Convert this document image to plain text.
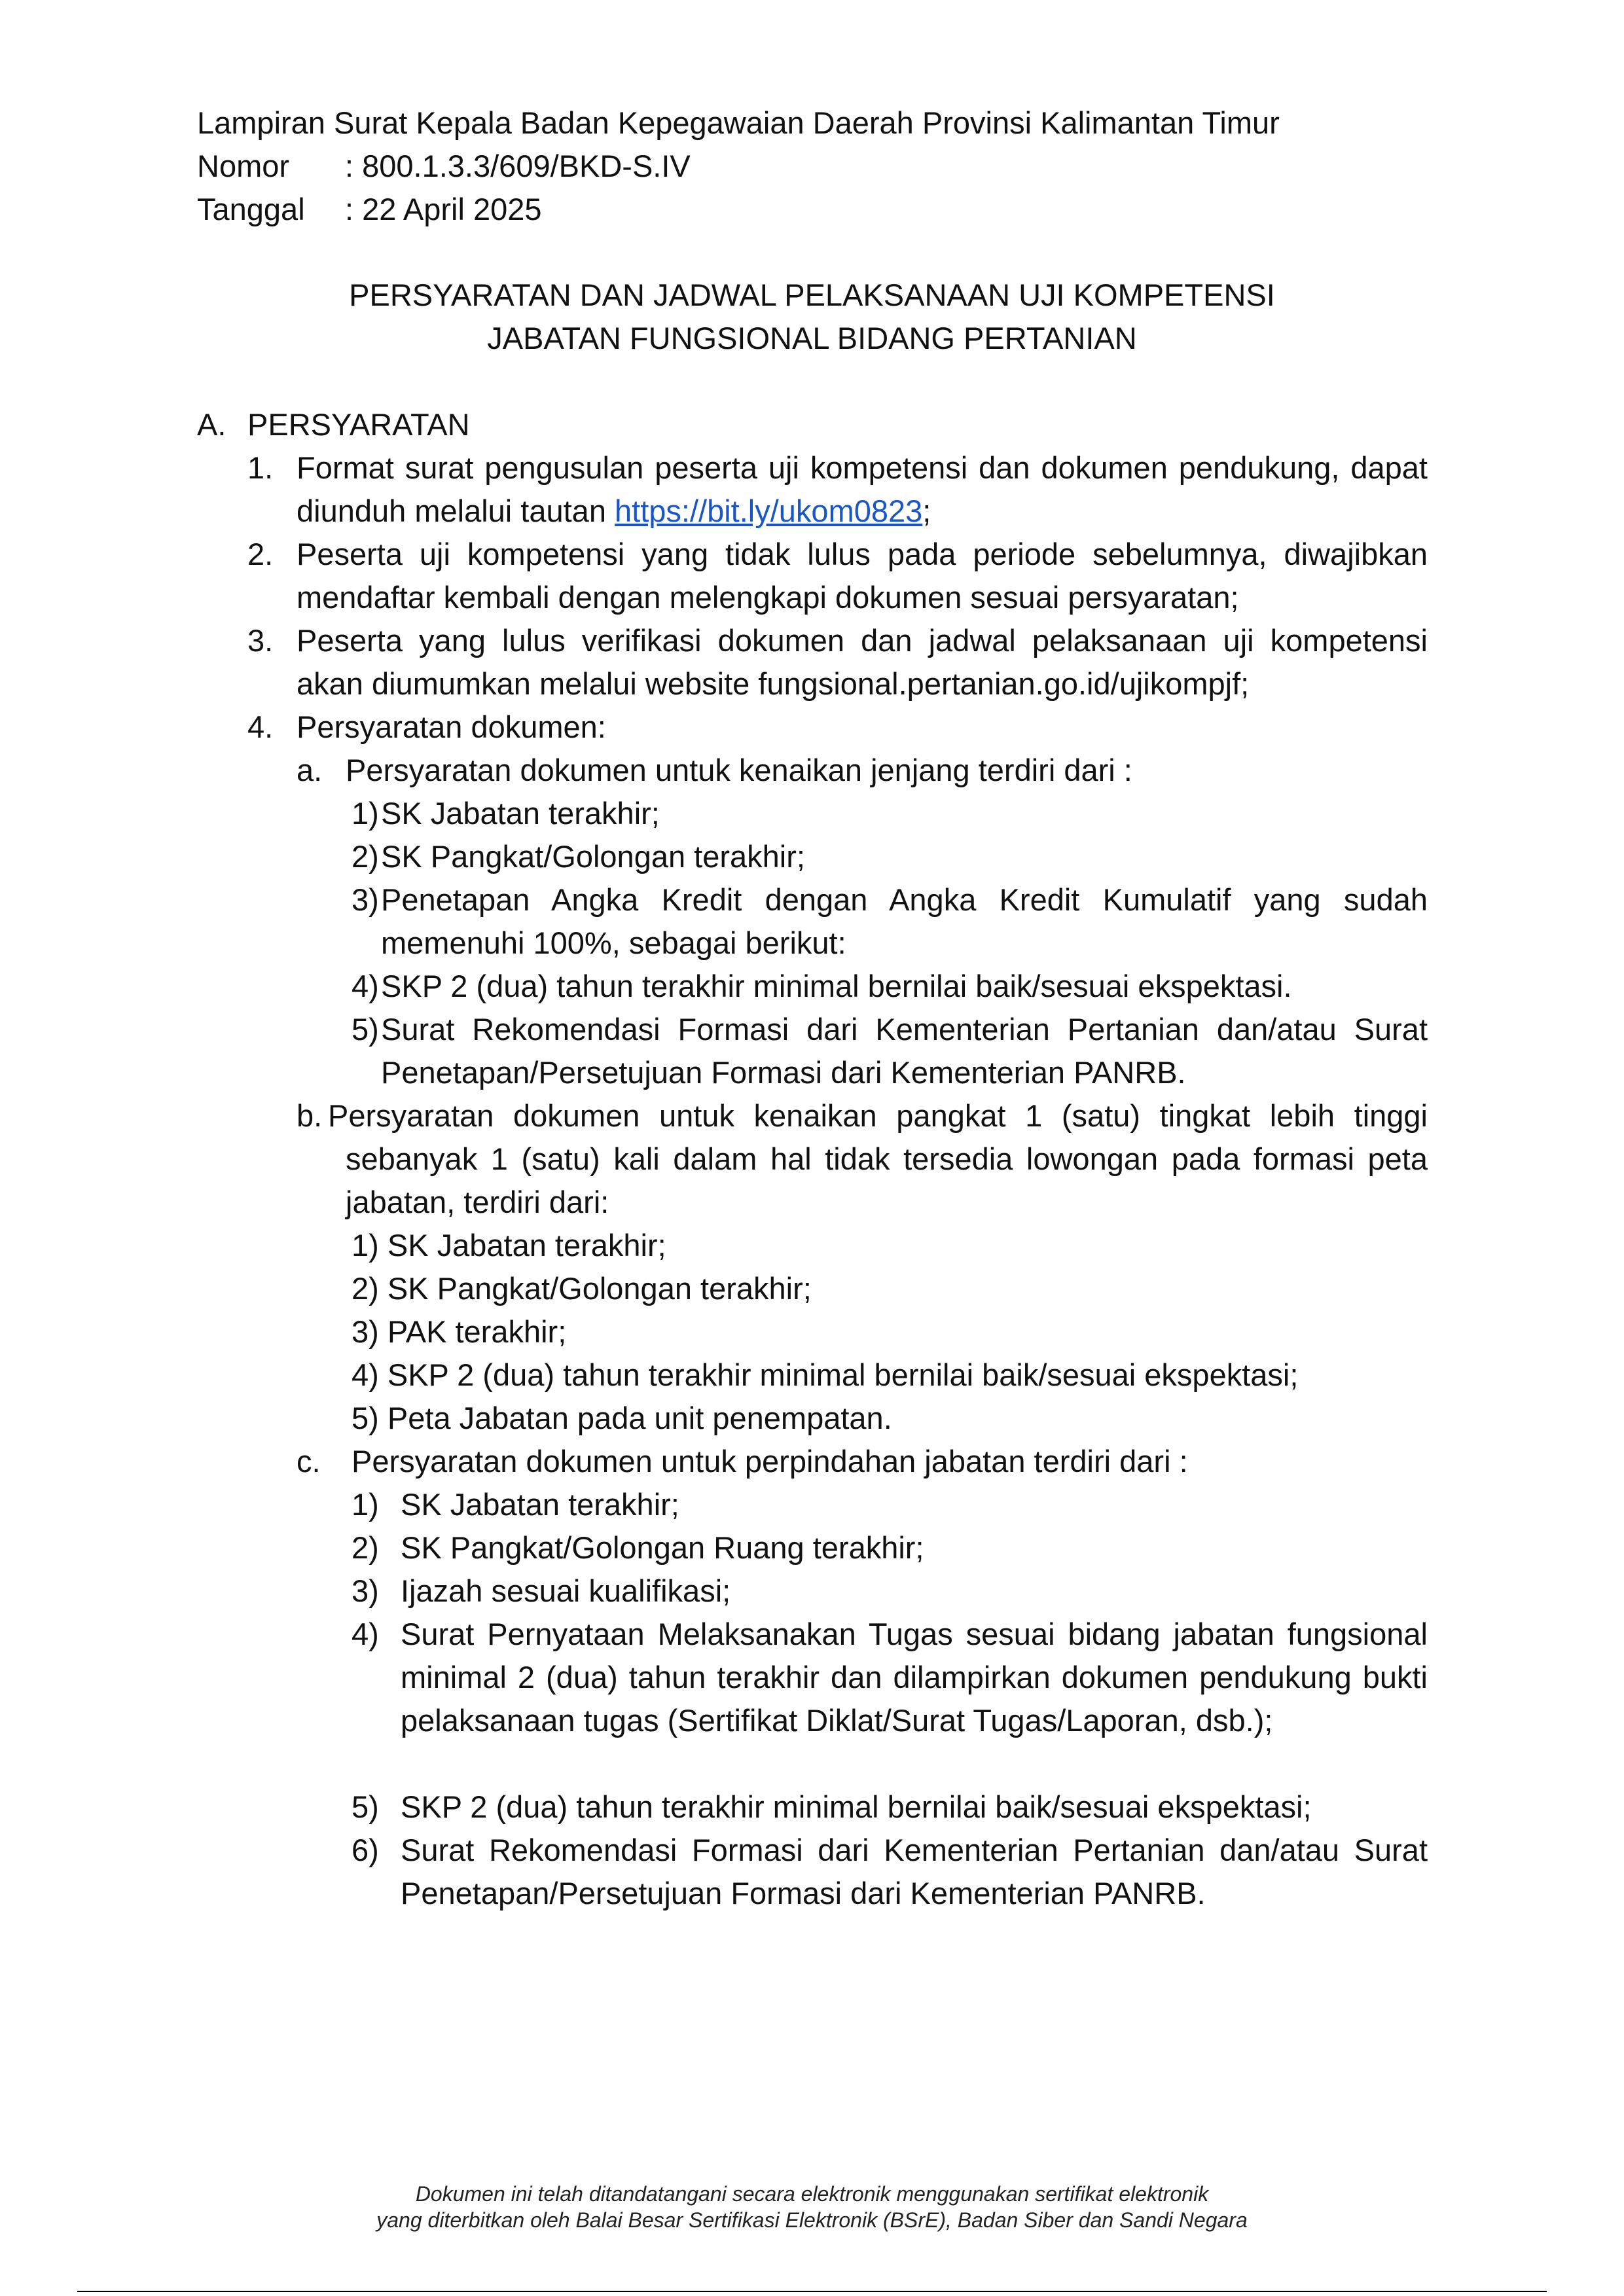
Lampiran Surat Kepala Badan Kepegawaian Daerah Provinsi Kalimantan Timur
Nomor : 800.1.3.3/609/BKD-S.IV
Tanggal : 22 April 2025
PERSYARATAN DAN JADWAL PELAKSANAAN UJI KOMPETENSI
JABATAN FUNGSIONAL BIDANG PERTANIAN
A. PERSYARATAN
1. Format surat pengusulan peserta uji kompetensi dan dokumen pendukung, dapat diunduh melalui tautan https://bit.ly/ukom0823;
2. Peserta uji kompetensi yang tidak lulus pada periode sebelumnya, diwajibkan mendaftar kembali dengan melengkapi dokumen sesuai persyaratan;
3. Peserta yang lulus verifikasi dokumen dan jadwal pelaksanaan uji kompetensi akan diumumkan melalui website fungsional.pertanian.go.id/ujikompjf;
4. Persyaratan dokumen:
a. Persyaratan dokumen untuk kenaikan jenjang terdiri dari :
1) SK Jabatan terakhir;
2) SK Pangkat/Golongan terakhir;
3) Penetapan Angka Kredit dengan Angka Kredit Kumulatif yang sudah memenuhi 100%, sebagai berikut:
4) SKP 2 (dua) tahun terakhir minimal bernilai baik/sesuai ekspektasi.
5) Surat Rekomendasi Formasi dari Kementerian Pertanian dan/atau Surat Penetapan/Persetujuan Formasi dari Kementerian PANRB.
b. Persyaratan dokumen untuk kenaikan pangkat 1 (satu) tingkat lebih tinggi sebanyak 1 (satu) kali dalam hal tidak tersedia lowongan pada formasi peta jabatan, terdiri dari:
1) SK Jabatan terakhir;
2) SK Pangkat/Golongan terakhir;
3) PAK terakhir;
4) SKP 2 (dua) tahun terakhir minimal bernilai baik/sesuai ekspektasi;
5) Peta Jabatan pada unit penempatan.
c. Persyaratan dokumen untuk perpindahan jabatan terdiri dari :
1) SK Jabatan terakhir;
2) SK Pangkat/Golongan Ruang terakhir;
3) Ijazah sesuai kualifikasi;
4) Surat Pernyataan Melaksanakan Tugas sesuai bidang jabatan fungsional minimal 2 (dua) tahun terakhir dan dilampirkan dokumen pendukung bukti pelaksanaan tugas (Sertifikat Diklat/Surat Tugas/Laporan, dsb.);
5) SKP 2 (dua) tahun terakhir minimal bernilai baik/sesuai ekspektasi;
6) Surat Rekomendasi Formasi dari Kementerian Pertanian dan/atau Surat Penetapan/Persetujuan Formasi dari Kementerian PANRB.
Dokumen ini telah ditandatangani secara elektronik menggunakan sertifikat elektronik
yang diterbitkan oleh Balai Besar Sertifikasi Elektronik (BSrE), Badan Siber dan Sandi Negara
